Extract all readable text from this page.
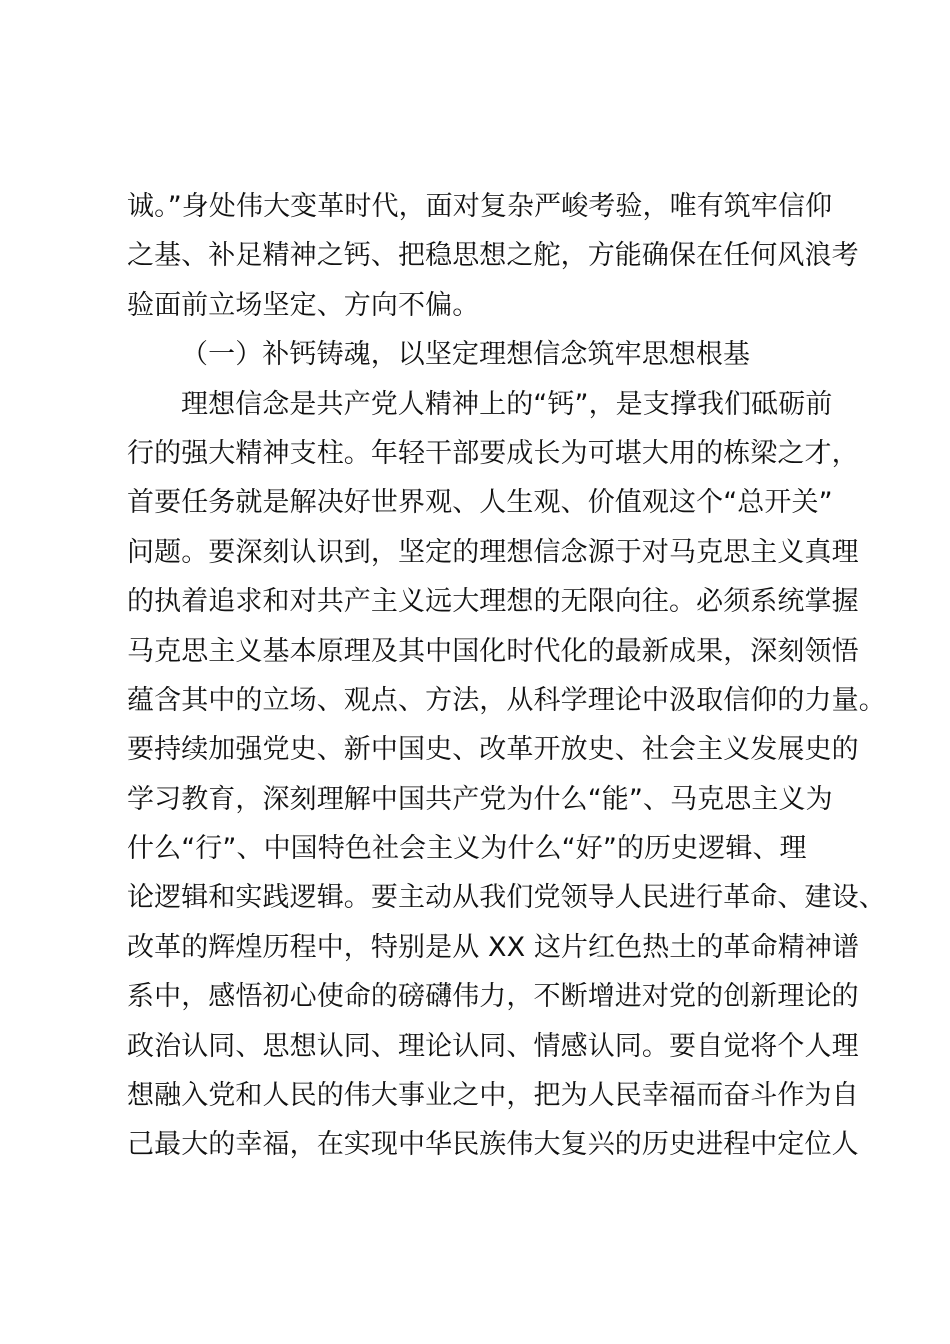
诚。”身处伟大变革时代，面对复杂严峻考验，唯有筑牢信仰
之基、补足精神之钙、把稳思想之舵，方能确保在任何风浪考
验面前立场坚定、方向不偏。
（一）补钙铸魂，以坚定理想信念筑牢思想根基
理想信念是共产党人精神上的“钙”，是支撑我们砥砺前
行的强大精神支柱。年轻干部要成长为可堪大用的栋梁之才，
首要任务就是解决好世界观、人生观、价值观这个“总开关”
问题。要深刻认识到，坚定的理想信念源于对马克思主义真理
的执着追求和对共产主义远大理想的无限向往。必须系统掌握
马克思主义基本原理及其中国化时代化的最新成果，深刻领悟
蕴含其中的立场、观点、方法，从科学理论中汲取信仰的力量。
要持续加强党史、新中国史、改革开放史、社会主义发展史的
学习教育，深刻理解中国共产党为什么“能”、马克思主义为
什么“行”、中国特色社会主义为什么“好”的历史逻辑、理
论逻辑和实践逻辑。要主动从我们党领导人民进行革命、建设、
改革的辉煌历程中，特别是从 XX 这片红色热土的革命精神谱
系中，感悟初心使命的磅礴伟力，不断增进对党的创新理论的
政治认同、思想认同、理论认同、情感认同。要自觉将个人理
想融入党和人民的伟大事业之中，把为人民幸福而奋斗作为自
己最大的幸福，在实现中华民族伟大复兴的历史进程中定位人
